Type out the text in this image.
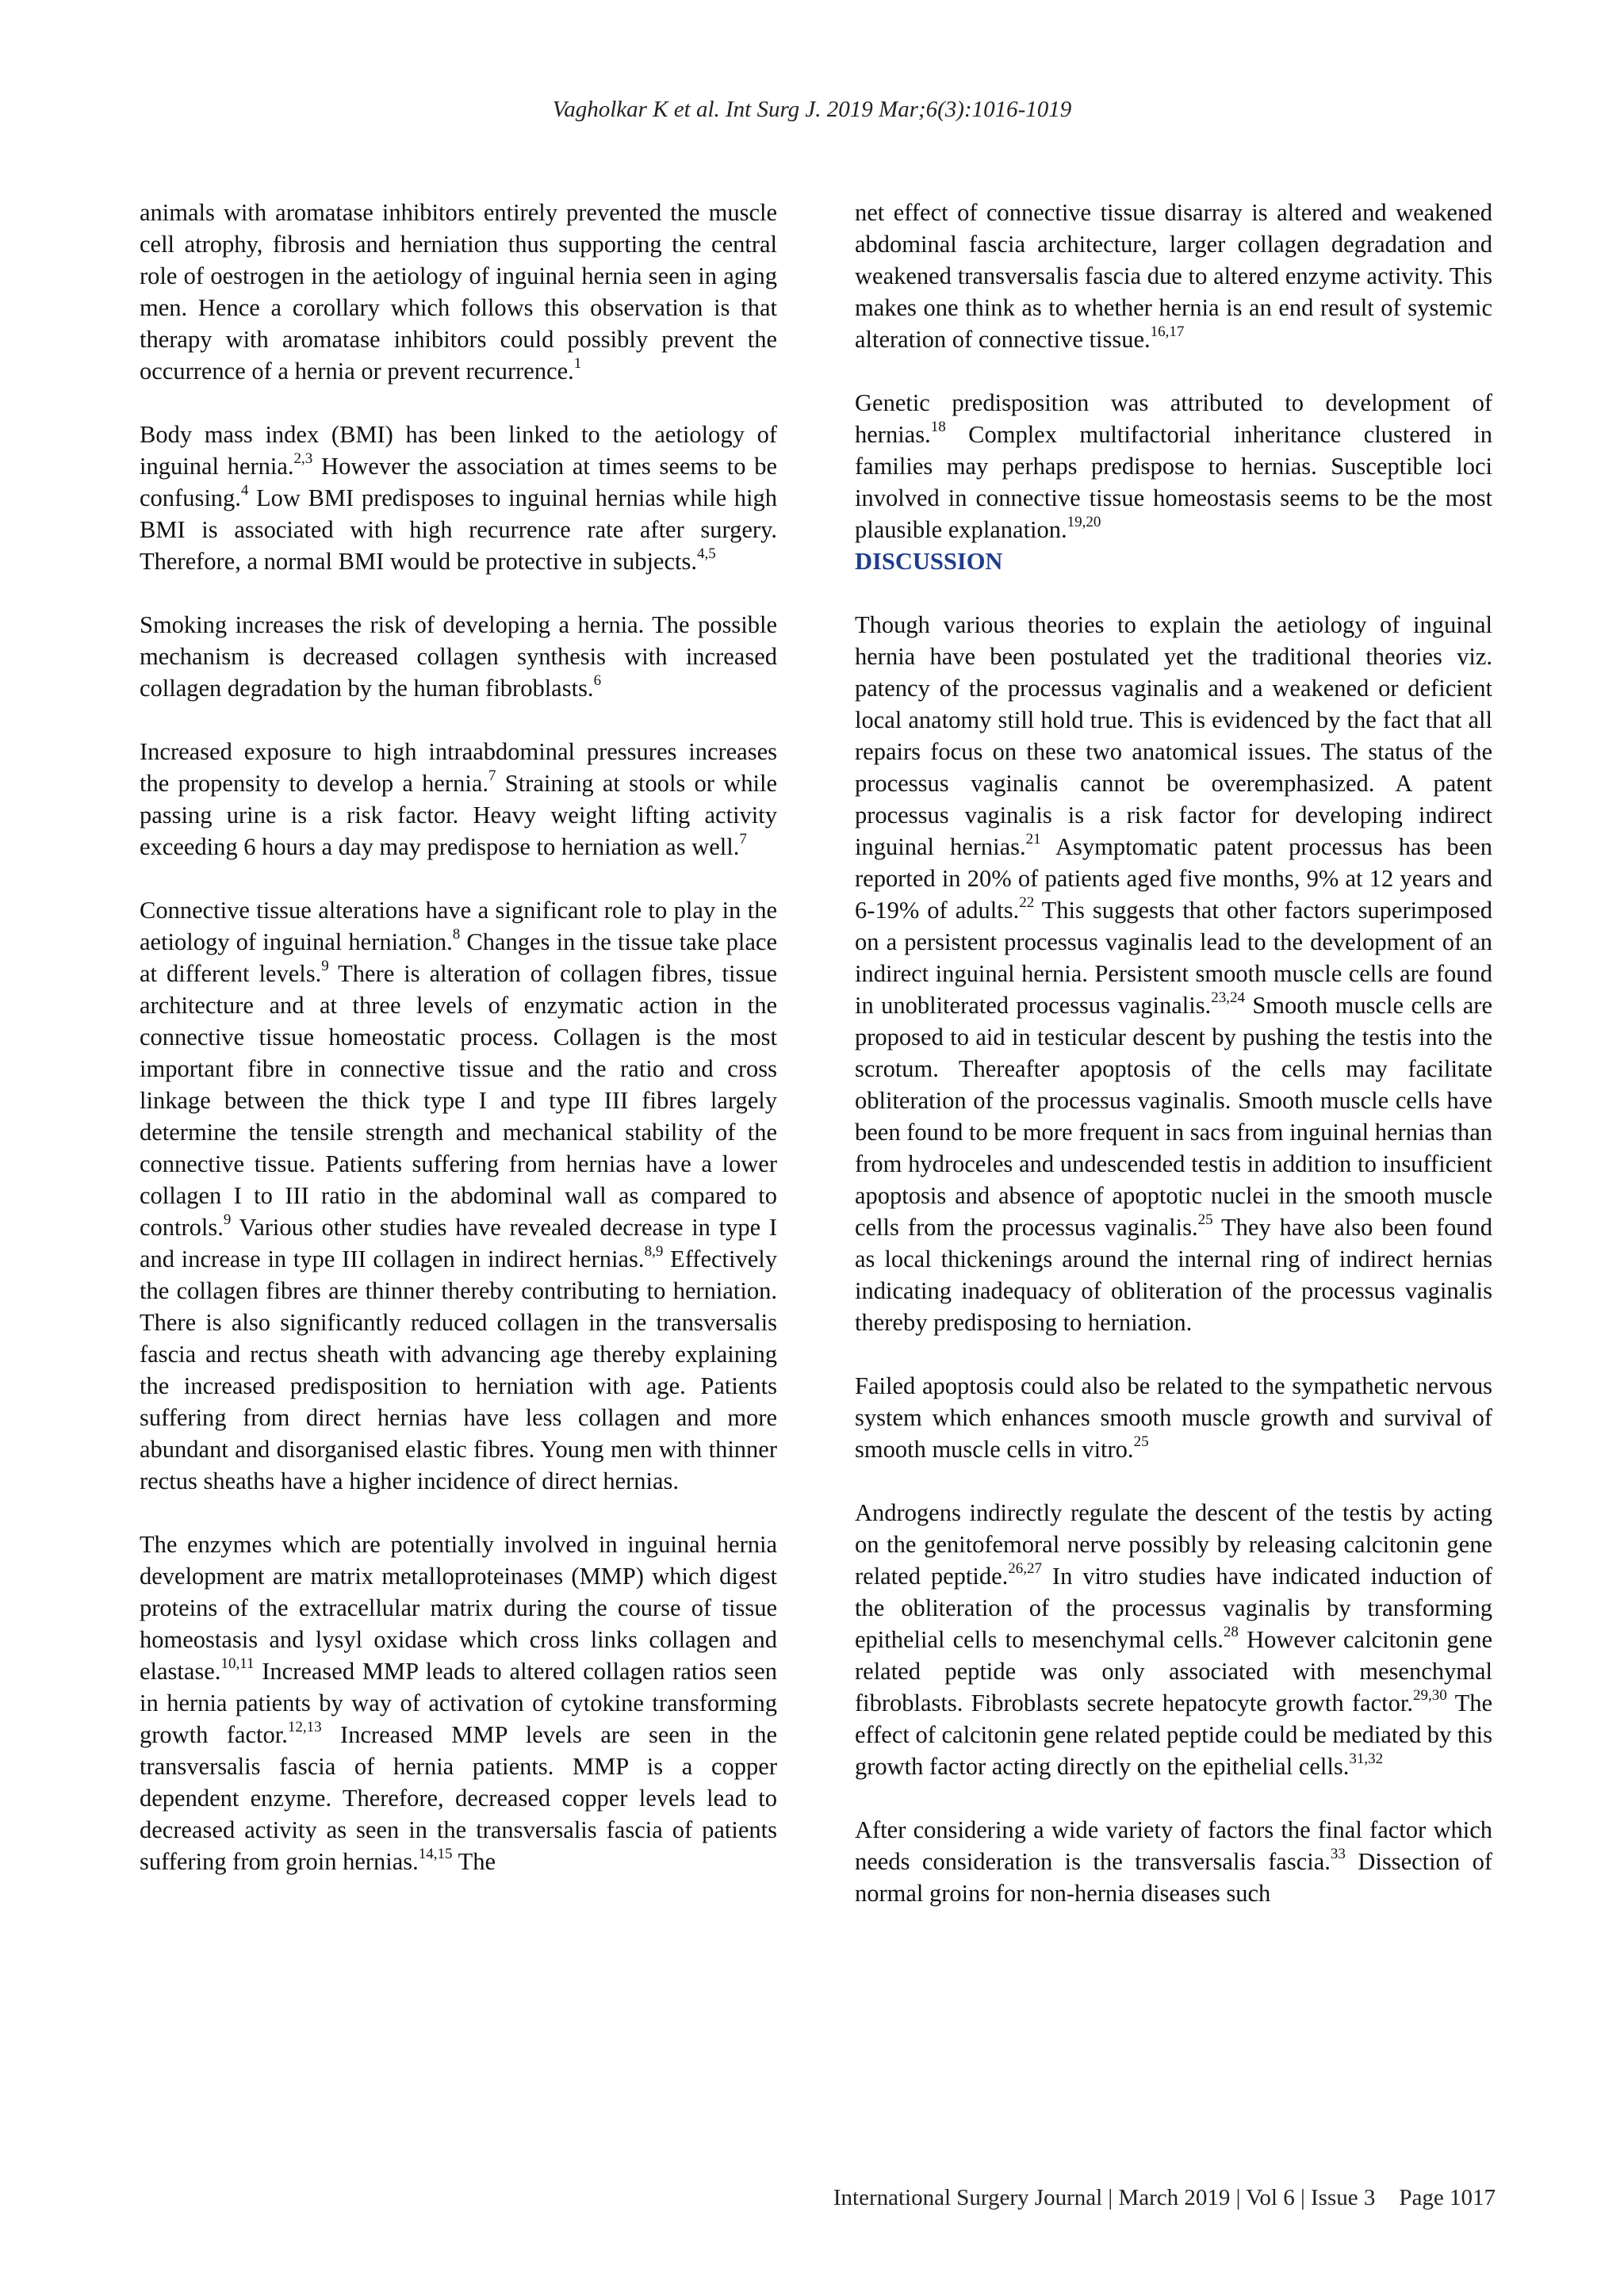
Vagholkar K et al. Int Surg J. 2019 Mar;6(3):1016-1019

animals with aromatase inhibitors entirely prevented the muscle cell atrophy, fibrosis and herniation thus supporting the central role of oestrogen in the aetiology of inguinal hernia seen in aging men. Hence a corollary which follows this observation is that therapy with aromatase inhibitors could possibly prevent the occurrence of a hernia or prevent recurrence.$^1$

Body mass index (BMI) has been linked to the aetiology of inguinal hernia.$^{2,3}$ However the association at times seems to be confusing.$^4$ Low BMI predisposes to inguinal hernias while high BMI is associated with high recurrence rate after surgery. Therefore, a normal BMI would be protective in subjects.$^{4,5}$

Smoking increases the risk of developing a hernia. The possible mechanism is decreased collagen synthesis with increased collagen degradation by the human fibroblasts.$^6$

Increased exposure to high intraabdominal pressures increases the propensity to develop a hernia.$^7$ Straining at stools or while passing urine is a risk factor. Heavy weight lifting activity exceeding 6 hours a day may predispose to herniation as well.$^7$

Connective tissue alterations have a significant role to play in the aetiology of inguinal herniation.$^8$ Changes in the tissue take place at different levels.$^9$ There is alteration of collagen fibres, tissue architecture and at three levels of enzymatic action in the connective tissue homeostatic process. Collagen is the most important fibre in connective tissue and the ratio and cross linkage between the thick type I and type III fibres largely determine the tensile strength and mechanical stability of the connective tissue. Patients suffering from hernias have a lower collagen I to III ratio in the abdominal wall as compared to controls.$^9$ Various other studies have revealed decrease in type I and increase in type III collagen in indirect hernias.$^{8,9}$ Effectively the collagen fibres are thinner thereby contributing to herniation. There is also significantly reduced collagen in the transversalis fascia and rectus sheath with advancing age thereby explaining the increased predisposition to herniation with age. Patients suffering from direct hernias have less collagen and more abundant and disorganised elastic fibres. Young men with thinner rectus sheaths have a higher incidence of direct hernias.

The enzymes which are potentially involved in inguinal hernia development are matrix metalloproteinases (MMP) which digest proteins of the extracellular matrix during the course of tissue homeostasis and lysyl oxidase which cross links collagen and elastase.$^{10,11}$ Increased MMP leads to altered collagen ratios seen in hernia patients by way of activation of cytokine transforming growth factor.$^{12,13}$ Increased MMP levels are seen in the transversalis fascia of hernia patients. MMP is a copper dependent enzyme. Therefore, decreased copper levels lead to decreased activity as seen in the transversalis fascia of patients suffering from groin hernias.$^{14,15}$ The

net effect of connective tissue disarray is altered and weakened abdominal fascia architecture, larger collagen degradation and weakened transversalis fascia due to altered enzyme activity. This makes one think as to whether hernia is an end result of systemic alteration of connective tissue.$^{16,17}$

Genetic predisposition was attributed to development of hernias.$^{18}$ Complex multifactorial inheritance clustered in families may perhaps predispose to hernias. Susceptible loci involved in connective tissue homeostasis seems to be the most plausible explanation.$^{19,20}$

DISCUSSION

Though various theories to explain the aetiology of inguinal hernia have been postulated yet the traditional theories viz. patency of the processus vaginalis and a weakened or deficient local anatomy still hold true. This is evidenced by the fact that all repairs focus on these two anatomical issues. The status of the processus vaginalis cannot be overemphasized. A patent processus vaginalis is a risk factor for developing indirect inguinal hernias.$^{21}$ Asymptomatic patent processus has been reported in 20% of patients aged five months, 9% at 12 years and 6-19% of adults.$^{22}$ This suggests that other factors superimposed on a persistent processus vaginalis lead to the development of an indirect inguinal hernia. Persistent smooth muscle cells are found in unobliterated processus vaginalis.$^{23,24}$ Smooth muscle cells are proposed to aid in testicular descent by pushing the testis into the scrotum. Thereafter apoptosis of the cells may facilitate obliteration of the processus vaginalis. Smooth muscle cells have been found to be more frequent in sacs from inguinal hernias than from hydroceles and undescended testis in addition to insufficient apoptosis and absence of apoptotic nuclei in the smooth muscle cells from the processus vaginalis.$^{25}$ They have also been found as local thickenings around the internal ring of indirect hernias indicating inadequacy of obliteration of the processus vaginalis thereby predisposing to herniation.

Failed apoptosis could also be related to the sympathetic nervous system which enhances smooth muscle growth and survival of smooth muscle cells in vitro.$^{25}$

Androgens indirectly regulate the descent of the testis by acting on the genitofemoral nerve possibly by releasing calcitonin gene related peptide.$^{26,27}$ In vitro studies have indicated induction of the obliteration of the processus vaginalis by transforming epithelial cells to mesenchymal cells.$^{28}$ However calcitonin gene related peptide was only associated with mesenchymal fibroblasts. Fibroblasts secrete hepatocyte growth factor.$^{29,30}$ The effect of calcitonin gene related peptide could be mediated by this growth factor acting directly on the epithelial cells.$^{31,32}$

After considering a wide variety of factors the final factor which needs consideration is the transversalis fascia.$^{33}$ Dissection of normal groins for non-hernia diseases such

International Surgery Journal | March 2019 | Vol 6 | Issue 3 Page 1017
